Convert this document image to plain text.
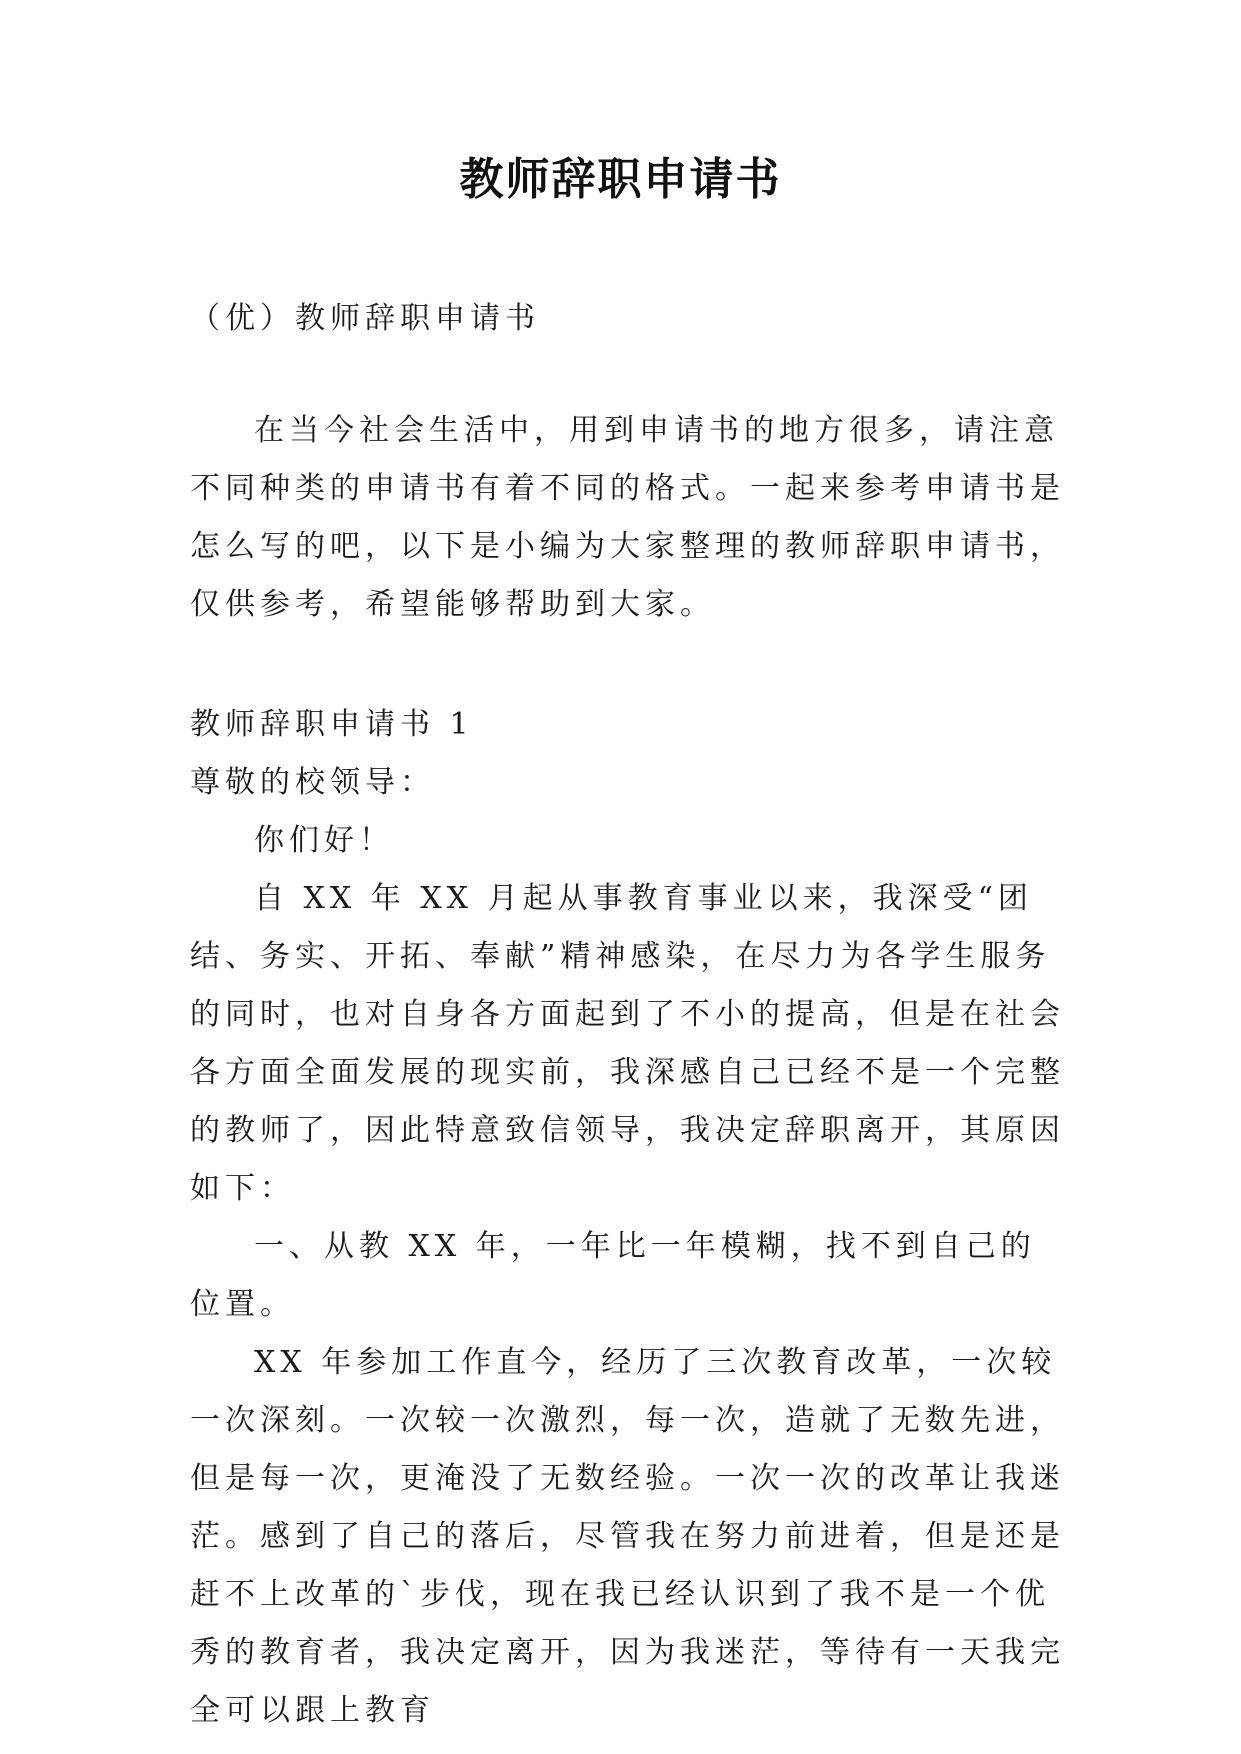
教师辞职申请书
（优）教师辞职申请书
在当今社会生活中，用到申请书的地方很多，请注意不同种类的申请书有着不同的格式。一起来参考申请书是怎么写的吧，以下是小编为大家整理的教师辞职申请书，仅供参考，希望能够帮助到大家。

教师辞职申请书 1

尊敬的校领导：

你们好！

自 XX 年 XX 月起从事教育事业以来，我深受“团结、务实、开拓、奉献”精神感染，在尽力为各学生服务的同时，也对自身各方面起到了不小的提高，但是在社会各方面全面发展的现实前，我深感自己已经不是一个完整的教师了，因此特意致信领导，我决定辞职离开，其原因如下：

一、从教 XX 年，一年比一年模糊，找不到自己的位置。

XX 年参加工作直今，经历了三次教育改革，一次较一次深刻。一次较一次激烈，每一次，造就了无数先进，但是每一次，更淹没了无数经验。一次一次的改革让我迷茫。感到了自己的落后，尽管我在努力前进着，但是还是赶不上改革的`步伐，现在我已经认识到了我不是一个优秀的教育者，我决定离开，因为我迷茫，等待有一天我完全可以跟上教育
